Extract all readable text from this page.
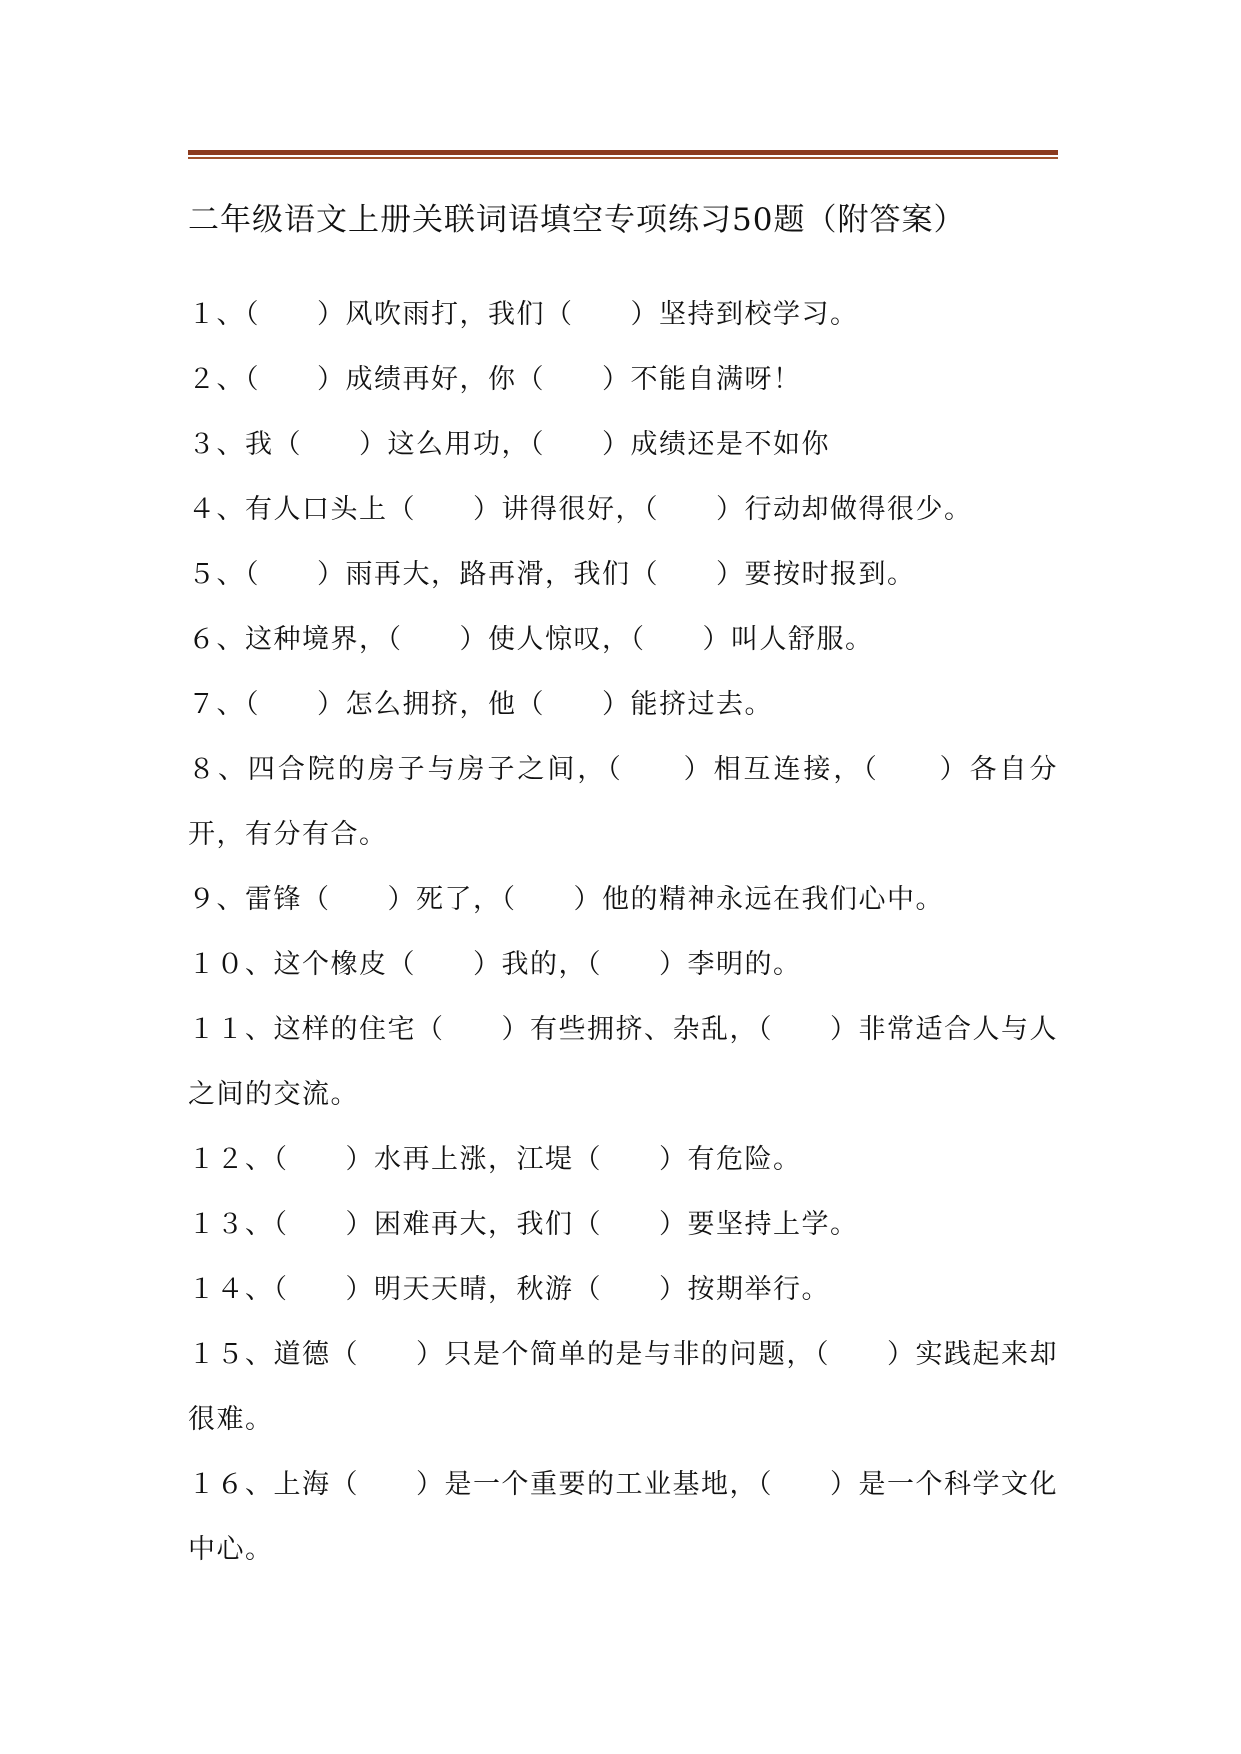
二年级语文上册关联词语填空专项练习50题（附答案）
１、（　　）风吹雨打，我们（　　）坚持到校学习。
２、（　　）成绩再好，你（　　）不能自满呀！
３、我（　　）这么用功，（　　）成绩还是不如你
４、有人口头上（　　）讲得很好，（　　）行动却做得很少。
５、（　　）雨再大，路再滑，我们（　　）要按时报到。
６、这种境界，（　　）使人惊叹，（　　）叫人舒服。
７、（　　）怎么拥挤，他（　　）能挤过去。
８、四合院的房子与房子之间，（　　）相互连接，（　　）各自分开，有分有合。
９、雷锋（　　）死了，（　　）他的精神永远在我们心中。
１０、这个橡皮（　　）我的，（　　）李明的。
１１、这样的住宅（　　）有些拥挤、杂乱，（　　）非常适合人与人之间的交流。
１２、（　　）水再上涨，江堤（　　）有危险。
１３、（　　）困难再大，我们（　　）要坚持上学。
１４、（　　）明天天晴，秋游（　　）按期举行。
１５、道德（　　）只是个简单的是与非的问题，（　　）实践起来却很难。
１６、上海（　　）是一个重要的工业基地，（　　）是一个科学文化中心。
